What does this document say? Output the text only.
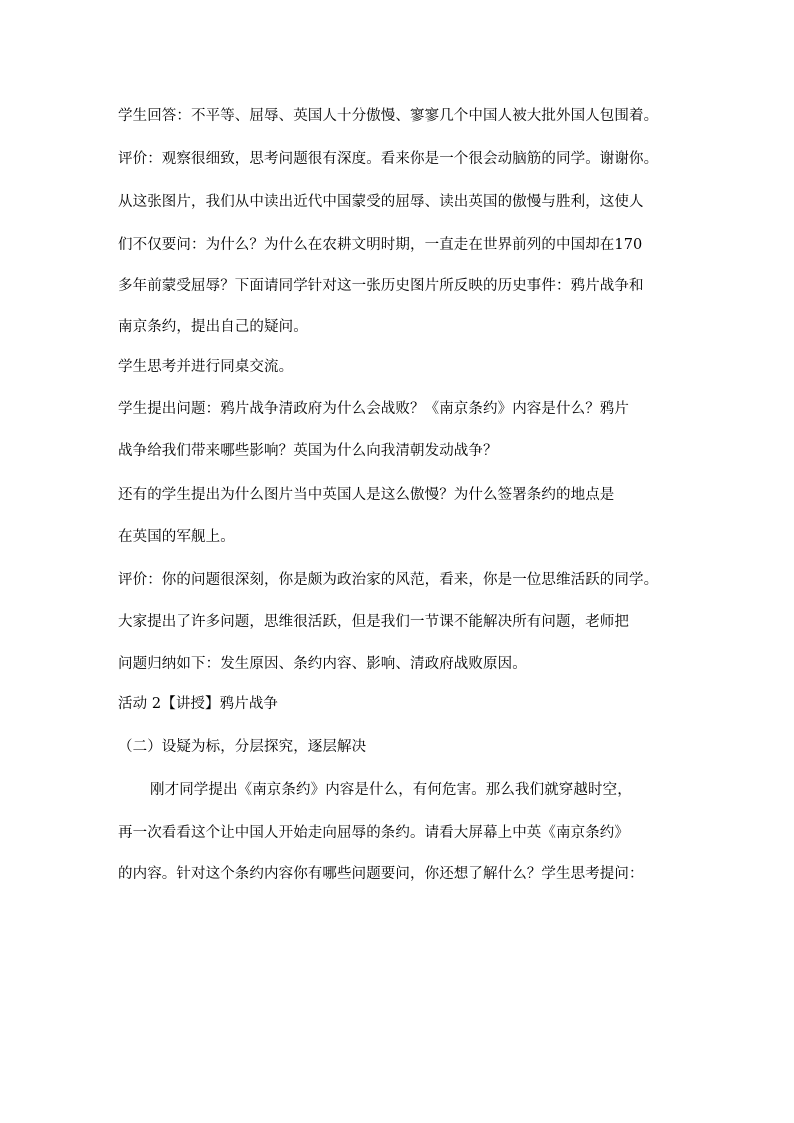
学生回答：不平等、屈辱、英国人十分傲慢、寥寥几个中国人被大批外国人包围着。
评价：观察很细致，思考问题很有深度。看来你是一个很会动脑筋的同学。谢谢你。
从这张图片，我们从中读出近代中国蒙受的屈辱、读出英国的傲慢与胜利，这使人
们不仅要问：为什么？为什么在农耕文明时期，一直走在世界前列的中国却在170
多年前蒙受屈辱？下面请同学针对这一张历史图片所反映的历史事件：鸦片战争和
南京条约，提出自己的疑问。
学生思考并进行同桌交流。
学生提出问题：鸦片战争清政府为什么会战败？《南京条约》内容是什么？鸦片
战争给我们带来哪些影响？英国为什么向我清朝发动战争？
还有的学生提出为什么图片当中英国人是这么傲慢？为什么签署条约的地点是
在英国的军舰上。
评价：你的问题很深刻，你是颇为政治家的风范，看来，你是一位思维活跃的同学。
大家提出了许多问题，思维很活跃，但是我们一节课不能解决所有问题，老师把
问题归纳如下：发生原因、条约内容、影响、清政府战败原因。
活动 2【讲授】鸦片战争
（二）设疑为标，分层探究，逐层解决
刚才同学提出《南京条约》内容是什么，有何危害。那么我们就穿越时空，
再一次看看这个让中国人开始走向屈辱的条约。请看大屏幕上中英《南京条约》
的内容。针对这个条约内容你有哪些问题要问，你还想了解什么？学生思考提问：
